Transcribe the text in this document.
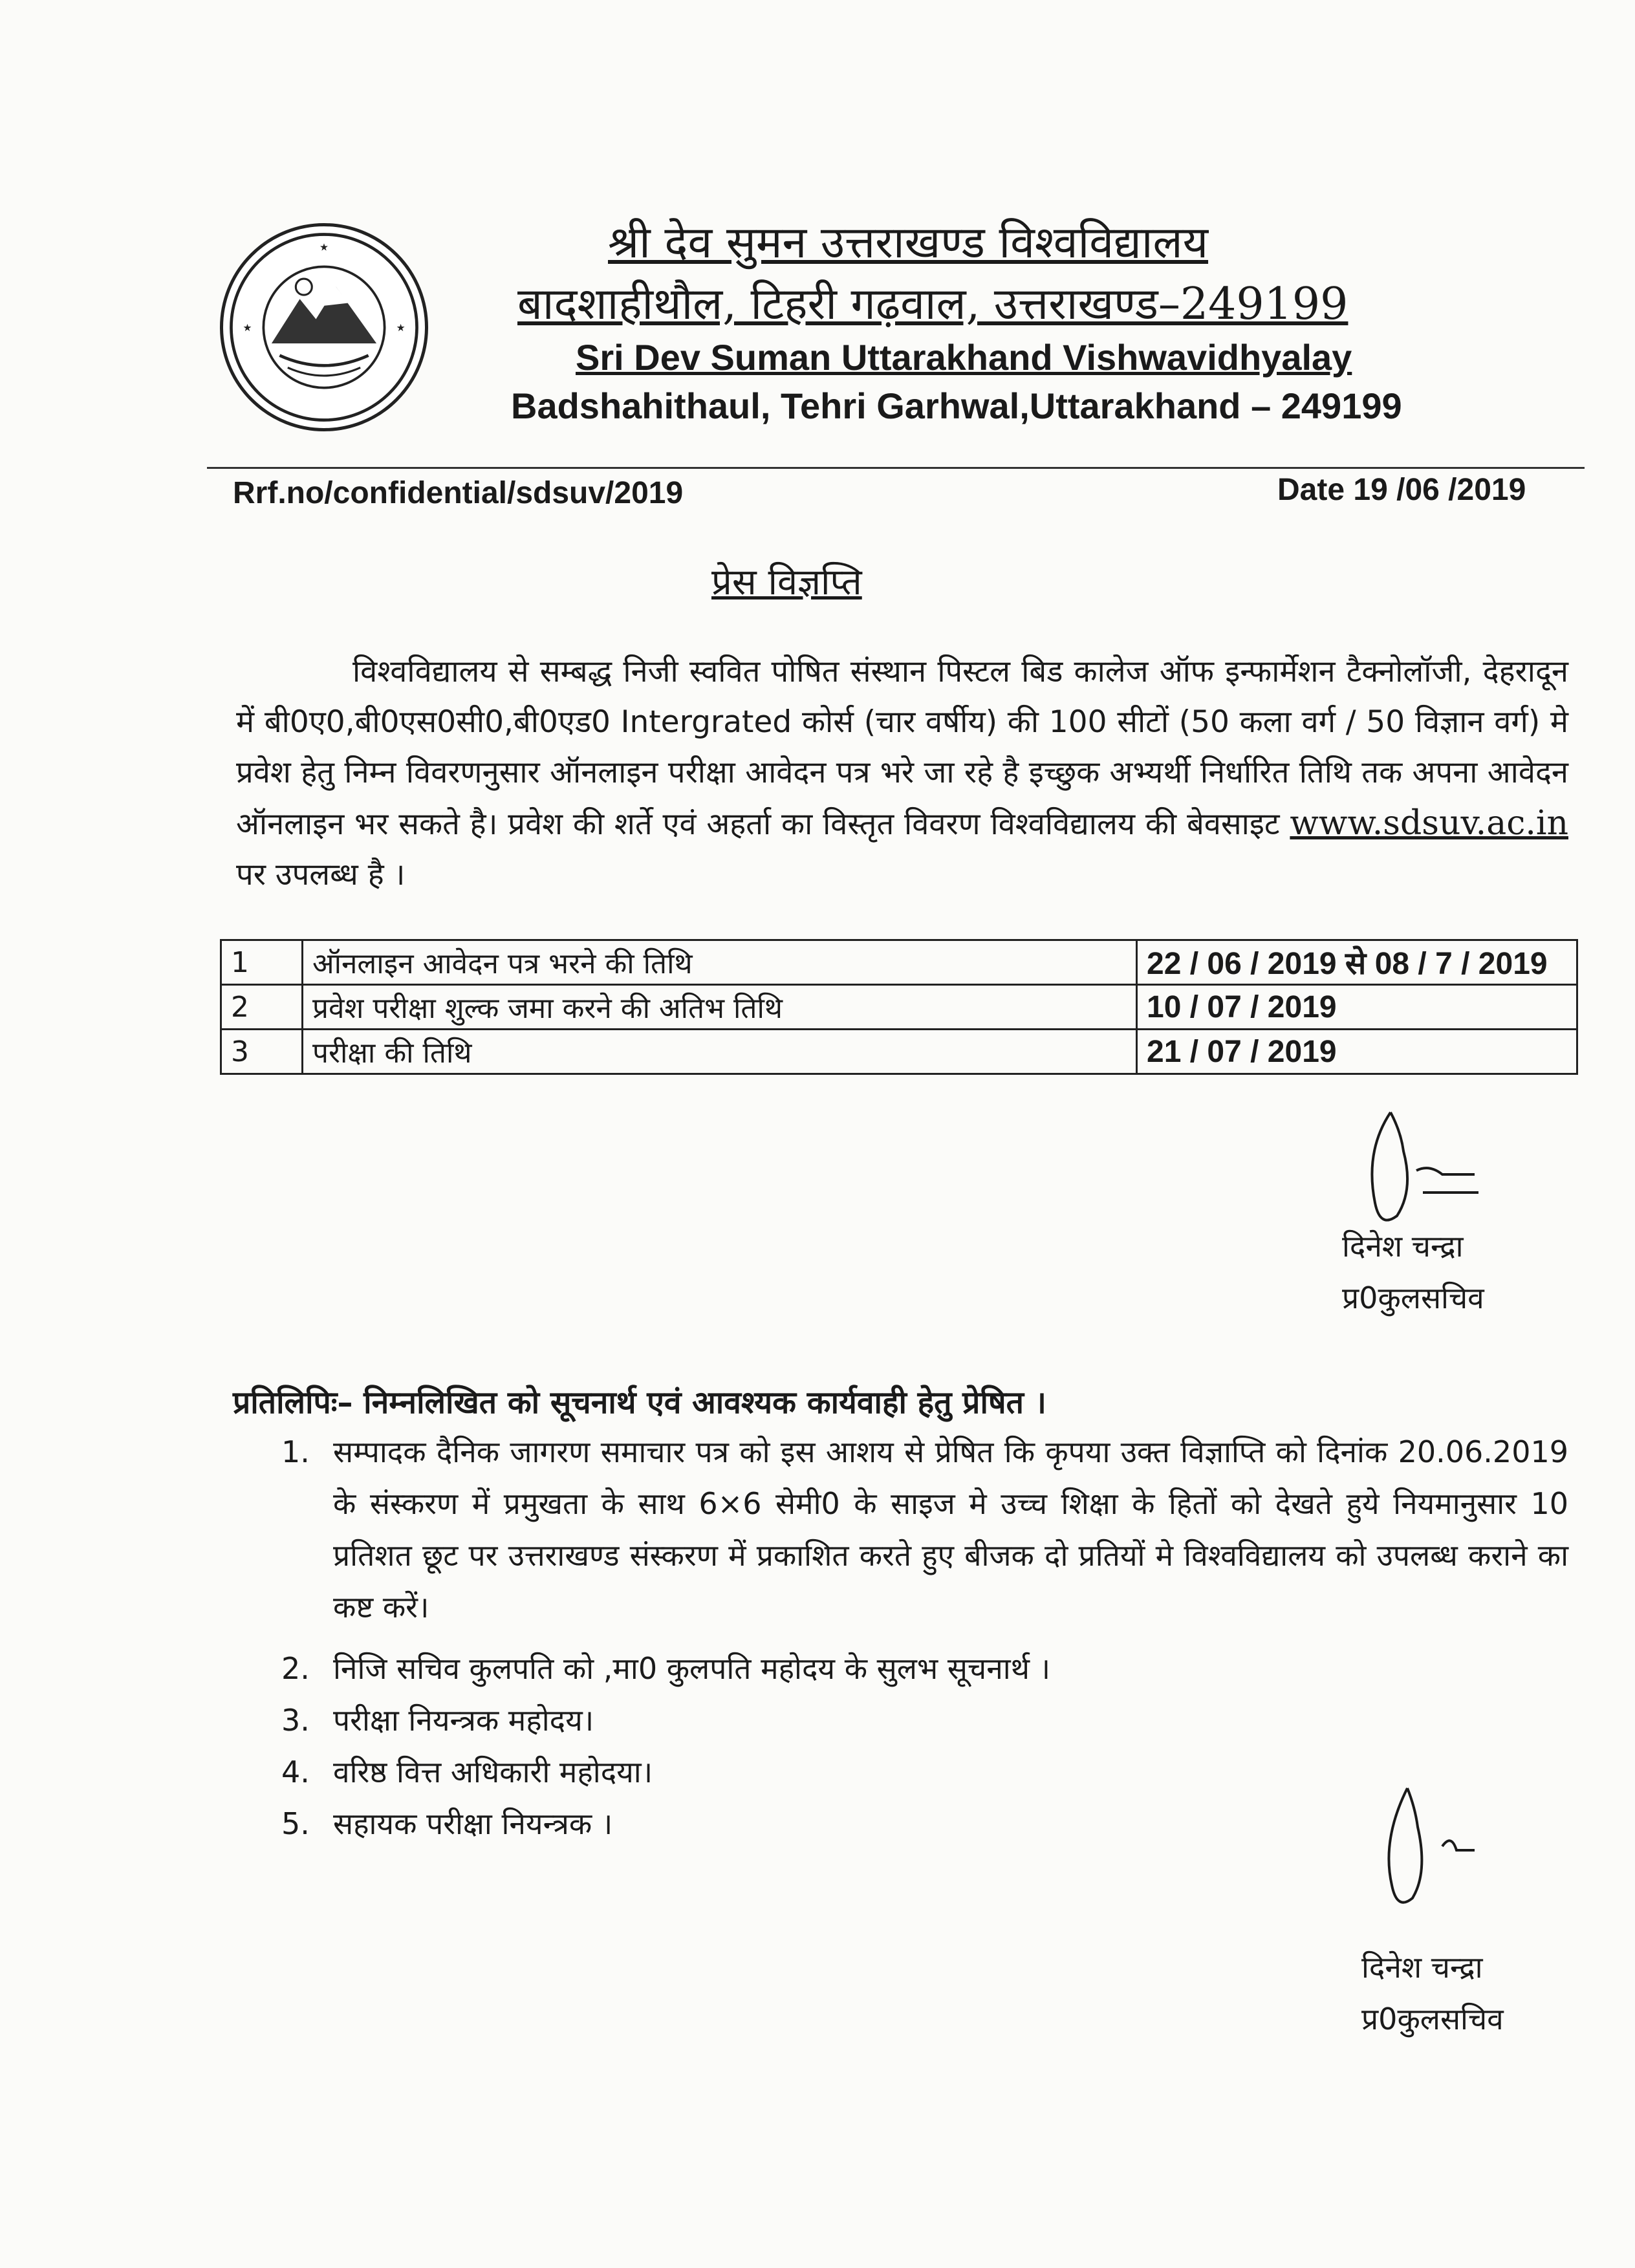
★
★	★
श्री देव सुमन उत्तराखण्ड विश्वविद्यालय
बादशाहीथौल, टिहरी गढ़वाल, उत्तराखण्ड–249199
Sri Dev Suman Uttarakhand Vishwavidhyalay
Badshahithaul, Tehri Garhwal,Uttarakhand – 249199
Rrf.no/confidential/sdsuv/2019	Date 19 /06 /2019
प्रेस विज्ञप्ति

विश्वविद्यालय से सम्बद्ध निजी स्ववित पोषित संस्थान पिस्टल बिड कालेज ऑफ इन्फार्मेशन टैक्नोलॉजी, देहरादून में बी0ए0,बी0एस0सी0,बी0एड0 Intergrated कोर्स (चार वर्षीय) की 100 सीटों (50 कला वर्ग / 50 विज्ञान वर्ग) मे प्रवेश हेतु निम्न विवरणनुसार ऑनलाइन परीक्षा आवेदन पत्र भरे जा रहे है इच्छुक अभ्यर्थी निर्धारित तिथि तक अपना आवेदन ऑनलाइन भर सकते है। प्रवेश की शर्ते एवं अहर्ता का विस्तृत विवरण विश्वविद्यालय की बेवसाइट www.sdsuv.ac.in पर उपलब्ध है ।

1	ऑनलाइन आवेदन पत्र भरने की तिथि	22 / 06 / 2019 से 08 / 7 / 2019
2	प्रवेश परीक्षा शुल्क जमा करने की अतिभ तिथि	10 / 07 / 2019
3	परीक्षा की तिथि	21 / 07 / 2019
दिनेश चन्द्रा
प्र0कुलसचिव
प्रतिलिपिः– निम्नलिखित को सूचनार्थ एवं आवश्यक कार्यवाही हेतु प्रेषित ।
1. सम्पादक दैनिक जागरण समाचार पत्र को इस आशय से प्रेषित कि कृपया उक्त विज्ञाप्ति को दिनांक 20.06.2019 के संस्करण में प्रमुखता के साथ 6×6 सेमी0 के साइज मे उच्च शिक्षा के हितों को देखते हुये नियमानुसार 10 प्रतिशत छूट पर उत्तराखण्ड संस्करण में प्रकाशित करते हुए बीजक दो प्रतियों मे विश्वविद्यालय को उपलब्ध कराने का कष्ट करें।
2. निजि सचिव कुलपति को ,मा0 कुलपति महोदय के सुलभ सूचनार्थ ।
3. परीक्षा नियन्त्रक महोदय।
4. वरिष्ठ वित्त अधिकारी महोदया।
5. सहायक परीक्षा नियन्त्रक ।
दिनेश चन्द्रा
प्र0कुलसचिव
